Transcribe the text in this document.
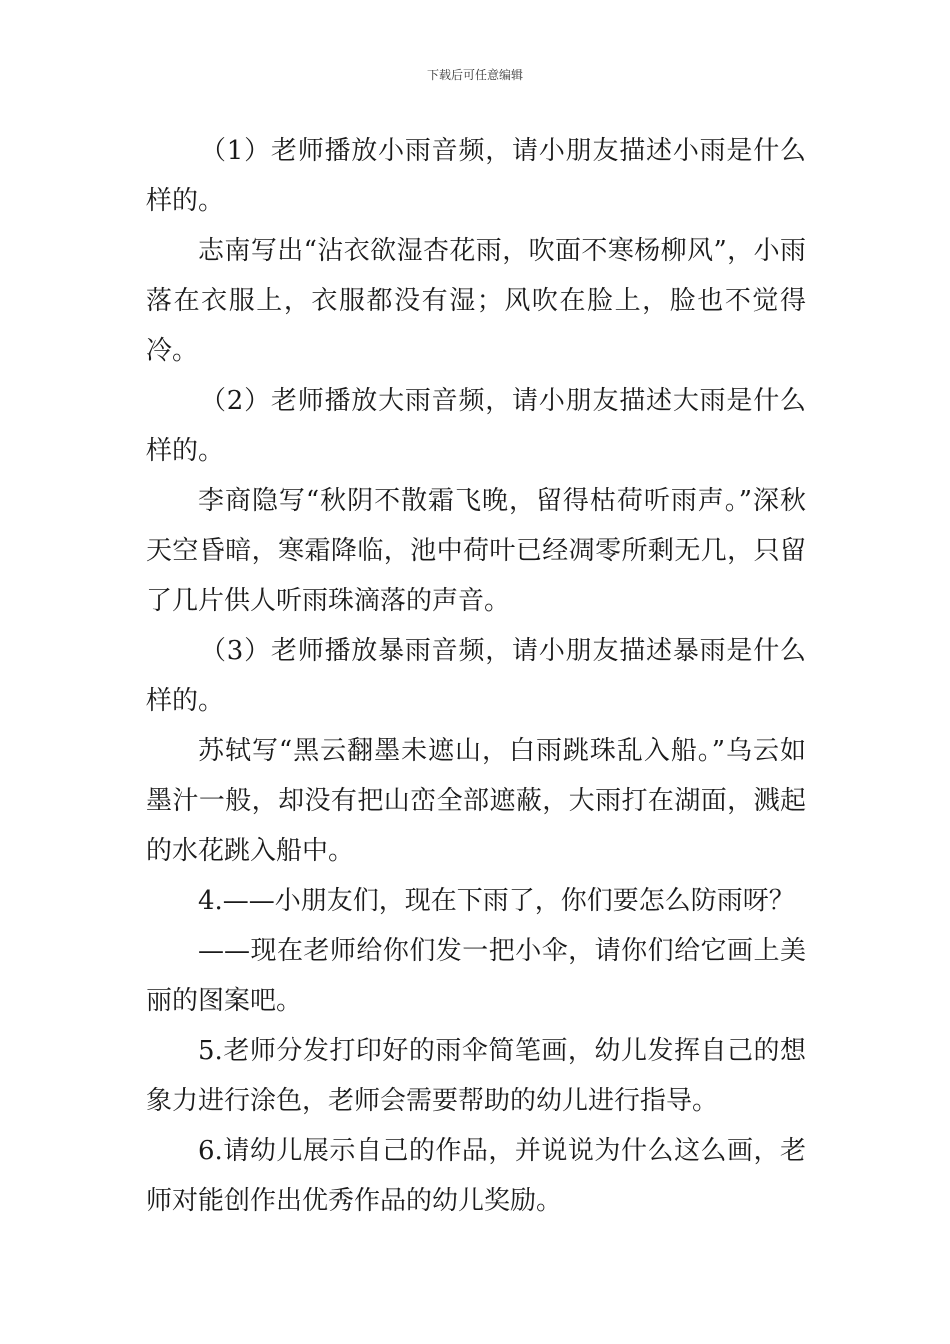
下载后可任意编辑

（1）老师播放小雨音频，请小朋友描述小雨是什么样的。

志南写出“沾衣欲湿杏花雨，吹面不寒杨柳风”，小雨落在衣服上，衣服都没有湿；风吹在脸上，脸也不觉得冷。

（2）老师播放大雨音频，请小朋友描述大雨是什么样的。

李商隐写“秋阴不散霜飞晚，留得枯荷听雨声。”深秋天空昏暗，寒霜降临，池中荷叶已经凋零所剩无几，只留了几片供人听雨珠滴落的声音。

（3）老师播放暴雨音频，请小朋友描述暴雨是什么样的。

苏轼写“黑云翻墨未遮山，白雨跳珠乱入船。”乌云如墨汁一般，却没有把山峦全部遮蔽，大雨打在湖面，溅起的水花跳入船中。

4.——小朋友们，现在下雨了，你们要怎么防雨呀？

——现在老师给你们发一把小伞，请你们给它画上美丽的图案吧。

5.老师分发打印好的雨伞简笔画，幼儿发挥自己的想象力进行涂色，老师会需要帮助的幼儿进行指导。

6.请幼儿展示自己的作品，并说说为什么这么画，老师对能创作出优秀作品的幼儿奖励。
